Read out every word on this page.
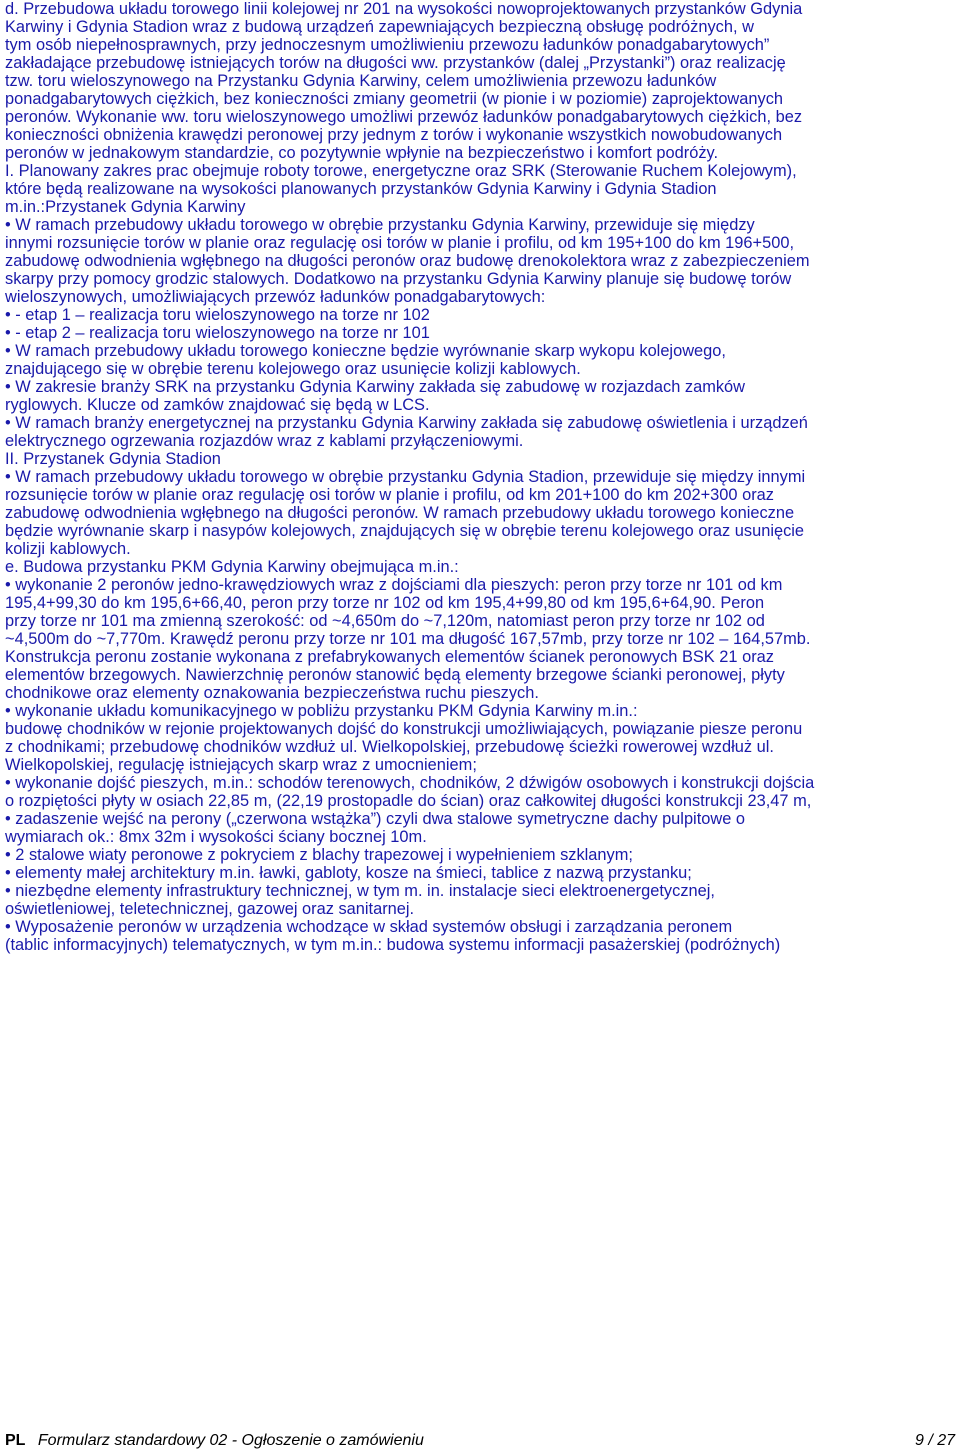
d. Przebudowa układu torowego linii kolejowej nr 201 na wysokości nowoprojektowanych przystanków Gdynia

Karwiny i Gdynia Stadion wraz z budową urządzeń zapewniających bezpieczną obsługę podróżnych, w

tym osób niepełnosprawnych, przy jednoczesnym umożliwieniu przewozu ładunków ponadgabarytowych”

zakładające przebudowę istniejących torów na długości ww. przystanków (dalej „Przystanki”) oraz realizację

tzw. toru wieloszynowego na Przystanku Gdynia Karwiny, celem umożliwienia przewozu ładunków

ponadgabarytowych ciężkich, bez konieczności zmiany geometrii (w pionie i w poziomie) zaprojektowanych

peronów. Wykonanie ww. toru wieloszynowego umożliwi przewóz ładunków ponadgabarytowych ciężkich, bez

konieczności obniżenia krawędzi peronowej przy jednym z torów i wykonanie wszystkich nowobudowanych

peronów w jednakowym standardzie, co pozytywnie wpłynie na bezpieczeństwo i komfort podróży.

I. Planowany zakres prac obejmuje roboty torowe, energetyczne oraz SRK (Sterowanie Ruchem Kolejowym),

które będą realizowane na wysokości planowanych przystanków Gdynia Karwiny i Gdynia Stadion

m.in.:Przystanek Gdynia Karwiny

• W ramach przebudowy układu torowego w obrębie przystanku Gdynia Karwiny, przewiduje się między

innymi rozsunięcie torów w planie oraz regulację osi torów w planie i profilu, od km 195+100 do km 196+500,

zabudowę odwodnienia wgłębnego na długości peronów oraz budowę drenokolektora wraz z zabezpieczeniem

skarpy przy pomocy grodzic stalowych. Dodatkowo na przystanku Gdynia Karwiny planuje się budowę torów

wieloszynowych, umożliwiających przewóz ładunków ponadgabarytowych:

• - etap 1 – realizacja toru wieloszynowego na torze nr 102

• - etap 2 – realizacja toru wieloszynowego na torze nr 101

• W ramach przebudowy układu torowego konieczne będzie wyrównanie skarp wykopu kolejowego,

znajdującego się w obrębie terenu kolejowego oraz usunięcie kolizji kablowych.

• W zakresie branży SRK na przystanku Gdynia Karwiny zakłada się zabudowę w rozjazdach zamków

ryglowych. Klucze od zamków znajdować się będą w LCS.

• W ramach branży energetycznej na przystanku Gdynia Karwiny zakłada się zabudowę oświetlenia i urządzeń

elektrycznego ogrzewania rozjazdów wraz z kablami przyłączeniowymi.

II. Przystanek Gdynia Stadion

• W ramach przebudowy układu torowego w obrębie przystanku Gdynia Stadion, przewiduje się między innymi

rozsunięcie torów w planie oraz regulację osi torów w planie i profilu, od km 201+100 do km 202+300 oraz

zabudowę odwodnienia wgłębnego na długości peronów. W ramach przebudowy układu torowego konieczne

będzie wyrównanie skarp i nasypów kolejowych, znajdujących się w obrębie terenu kolejowego oraz usunięcie

kolizji kablowych.

e. Budowa przystanku PKM Gdynia Karwiny obejmująca m.in.:

• wykonanie 2 peronów jedno-krawędziowych wraz z dojściami dla pieszych: peron przy torze nr 101 od km

195,4+99,30 do km 195,6+66,40, peron przy torze nr 102 od km 195,4+99,80 od km 195,6+64,90. Peron

przy torze nr 101 ma zmienną szerokość: od ~4,650m do ~7,120m, natomiast peron przy torze nr 102 od

~4,500m do ~7,770m. Krawędź peronu przy torze nr 101 ma długość 167,57mb, przy torze nr 102 – 164,57mb.

Konstrukcja peronu zostanie wykonana z prefabrykowanych elementów ścianek peronowych BSK 21 oraz

elementów brzegowych. Nawierzchnię peronów stanowić będą elementy brzegowe ścianki peronowej, płyty

chodnikowe oraz elementy oznakowania bezpieczeństwa ruchu pieszych.

• wykonanie układu komunikacyjnego w pobliżu przystanku PKM Gdynia Karwiny m.in.:

budowę chodników w rejonie projektowanych dojść do konstrukcji umożliwiających, powiązanie piesze peronu

z chodnikami; przebudowę chodników wzdłuż ul. Wielkopolskiej, przebudowę ścieżki rowerowej wzdłuż ul.

Wielkopolskiej, regulację istniejących skarp wraz z umocnieniem;

• wykonanie dojść pieszych, m.in.: schodów terenowych, chodników, 2 dźwigów osobowych i konstrukcji dojścia

o rozpiętości płyty w osiach 22,85 m, (22,19 prostopadle do ścian) oraz całkowitej długości konstrukcji 23,47 m,

• zadaszenie wejść na perony („czerwona wstążka”) czyli dwa stalowe symetryczne dachy pulpitowe o

wymiarach ok.: 8mx 32m i wysokości ściany bocznej 10m.

• 2 stalowe wiaty peronowe z pokryciem z blachy trapezowej i wypełnieniem szklanym;

• elementy małej architektury m.in. ławki, gabloty, kosze na śmieci, tablice z nazwą przystanku;

• niezbędne elementy infrastruktury technicznej, w tym m. in. instalacje sieci elektroenergetycznej,

oświetleniowej, teletechnicznej, gazowej oraz sanitarnej.

• Wyposażenie peronów w urządzenia wchodzące w skład systemów obsługi i zarządzania peronem

(tablic informacyjnych) telematycznych, w tym m.in.: budowa systemu informacji pasażerskiej (podróżnych)

PL Formularz standardowy 02 - Ogłoszenie o zamówieniu	9 / 27
